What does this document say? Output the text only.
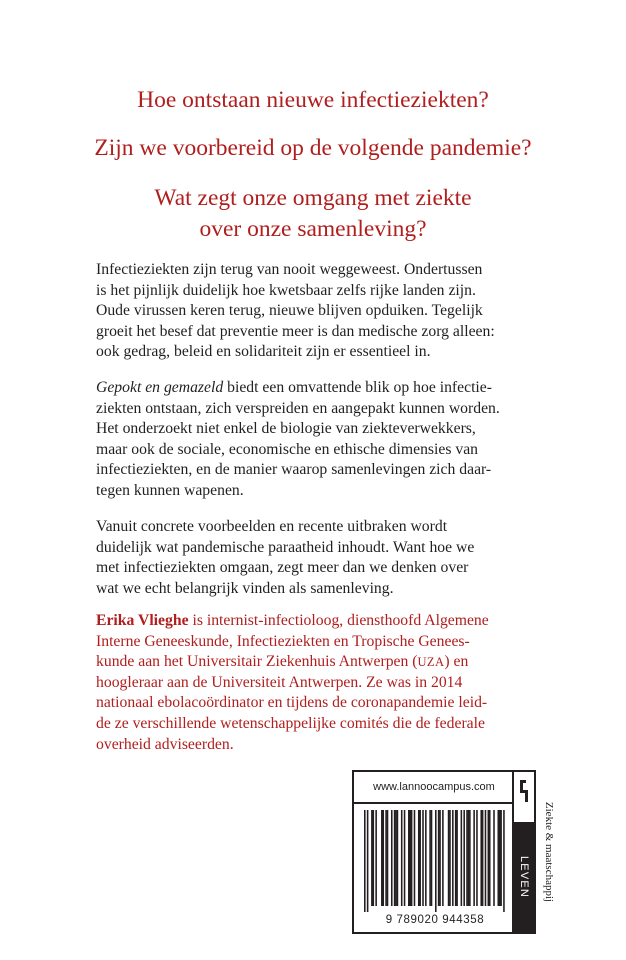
Hoe ontstaan nieuwe infectieziekten?
Zijn we voorbereid op de volgende pandemie?
Wat zegt onze omgang met ziekte
over onze samenleving?

Infectieziekten zijn terug van nooit weggeweest. Ondertussen
is het pijnlijk duidelijk hoe kwetsbaar zelfs rijke landen zijn.
Oude virussen keren terug, nieuwe blijven opduiken. Tegelijk
groeit het besef dat preventie meer is dan medische zorg alleen:
ook gedrag, beleid en solidariteit zijn er essentieel in.

Gepokt en gemazeld biedt een omvattende blik op hoe infectie-
ziekten ontstaan, zich verspreiden en aangepakt kunnen worden.
Het onderzoekt niet enkel de biologie van ziekteverwekkers,
maar ook de sociale, economische en ethische dimensies van
infectieziekten, en de manier waarop samenlevingen zich daar-
tegen kunnen wapenen.

Vanuit concrete voorbeelden en recente uitbraken wordt
duidelijk wat pandemische paraatheid inhoudt. Want hoe we
met infectieziekten omgaan, zegt meer dan we denken over
wat we echt belangrijk vinden als samenleving.

Erika Vlieghe is internist-infectioloog, diensthoofd Algemene
Interne Geneeskunde, Infectieziekten en Tropische Genees-
kunde aan het Universitair Ziekenhuis Antwerpen (UZA) en
hoogleraar aan de Universiteit Antwerpen. Ze was in 2014
nationaal ebolacoördinator en tijdens de coronapandemie leid-
de ze verschillende wetenschappelijke comités die de federale
overheid adviseerden.

www.lannoocampus.com
9 789020 944358
LEVEN Ziekte & maatschappij
